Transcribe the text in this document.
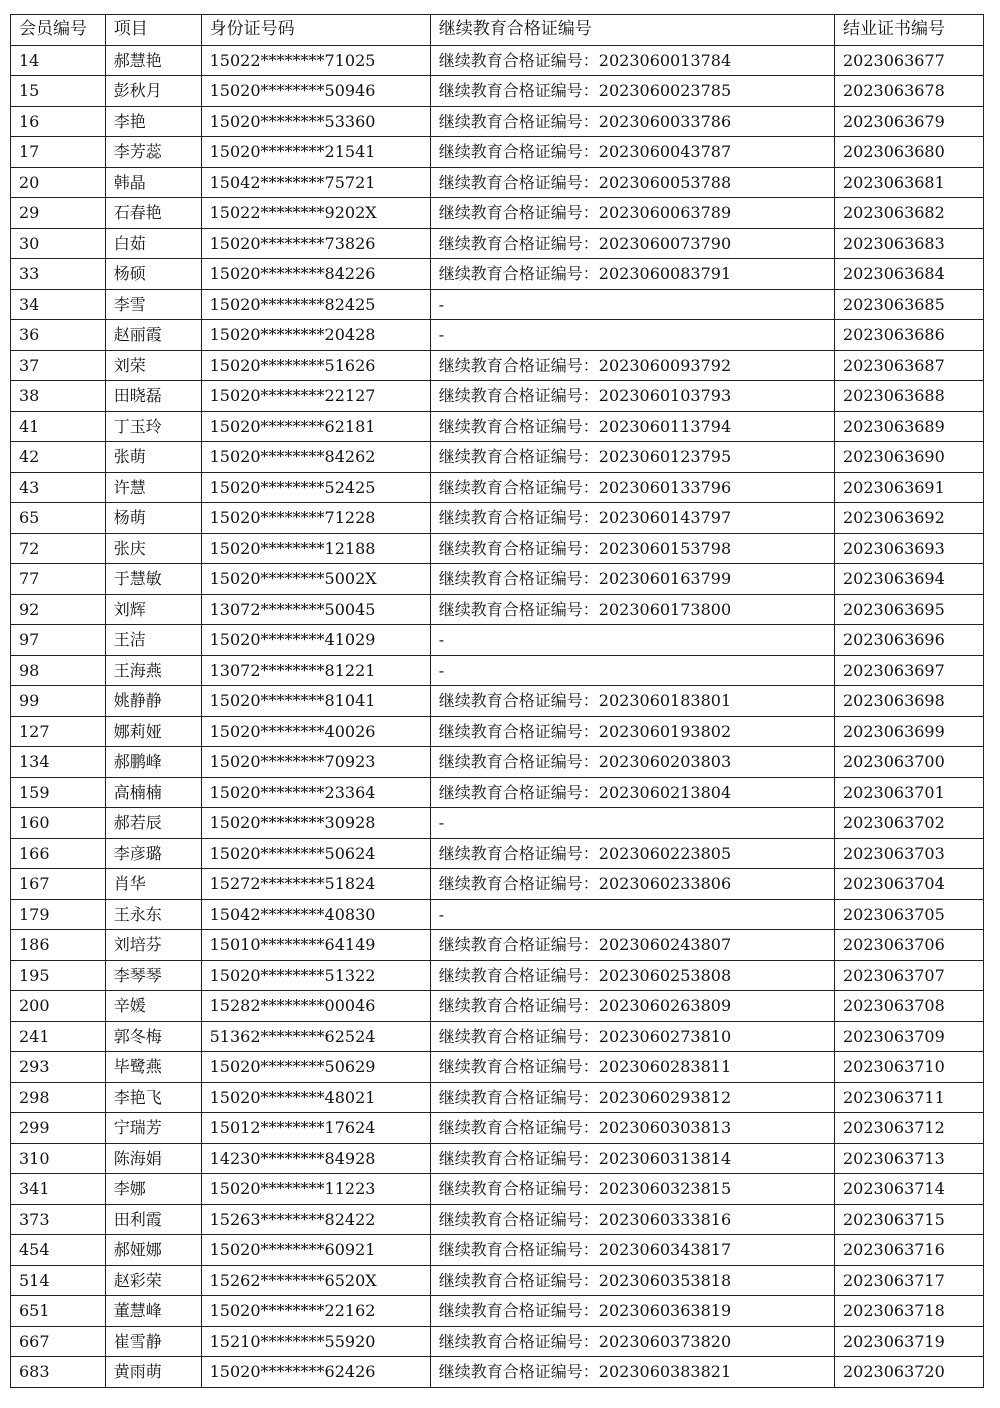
会员编号	项目	身份证号码	继续教育合格证编号	结业证书编号
14	郝慧艳	15022********71025	继续教育合格证编号：2023060013784	2023063677
15	彭秋月	15020********50946	继续教育合格证编号：2023060023785	2023063678
16	李艳	15020********53360	继续教育合格证编号：2023060033786	2023063679
17	李芳蕊	15020********21541	继续教育合格证编号：2023060043787	2023063680
20	韩晶	15042********75721	继续教育合格证编号：2023060053788	2023063681
29	石春艳	15022********9202X	继续教育合格证编号：2023060063789	2023063682
30	白茹	15020********73826	继续教育合格证编号：2023060073790	2023063683
33	杨硕	15020********84226	继续教育合格证编号：2023060083791	2023063684
34	李雪	15020********82425	-	2023063685
36	赵丽霞	15020********20428	-	2023063686
37	刘荣	15020********51626	继续教育合格证编号：2023060093792	2023063687
38	田晓磊	15020********22127	继续教育合格证编号：2023060103793	2023063688
41	丁玉玲	15020********62181	继续教育合格证编号：2023060113794	2023063689
42	张萌	15020********84262	继续教育合格证编号：2023060123795	2023063690
43	许慧	15020********52425	继续教育合格证编号：2023060133796	2023063691
65	杨萌	15020********71228	继续教育合格证编号：2023060143797	2023063692
72	张庆	15020********12188	继续教育合格证编号：2023060153798	2023063693
77	于慧敏	15020********5002X	继续教育合格证编号：2023060163799	2023063694
92	刘辉	13072********50045	继续教育合格证编号：2023060173800	2023063695
97	王洁	15020********41029	-	2023063696
98	王海燕	13072********81221	-	2023063697
99	姚静静	15020********81041	继续教育合格证编号：2023060183801	2023063698
127	娜莉娅	15020********40026	继续教育合格证编号：2023060193802	2023063699
134	郝鹏峰	15020********70923	继续教育合格证编号：2023060203803	2023063700
159	高楠楠	15020********23364	继续教育合格证编号：2023060213804	2023063701
160	郝若辰	15020********30928	-	2023063702
166	李彦璐	15020********50624	继续教育合格证编号：2023060223805	2023063703
167	肖华	15272********51824	继续教育合格证编号：2023060233806	2023063704
179	王永东	15042********40830	-	2023063705
186	刘培芬	15010********64149	继续教育合格证编号：2023060243807	2023063706
195	李琴琴	15020********51322	继续教育合格证编号：2023060253808	2023063707
200	辛媛	15282********00046	继续教育合格证编号：2023060263809	2023063708
241	郭冬梅	51362********62524	继续教育合格证编号：2023060273810	2023063709
293	毕鹭燕	15020********50629	继续教育合格证编号：2023060283811	2023063710
298	李艳飞	15020********48021	继续教育合格证编号：2023060293812	2023063711
299	宁瑞芳	15012********17624	继续教育合格证编号：2023060303813	2023063712
310	陈海娟	14230********84928	继续教育合格证编号：2023060313814	2023063713
341	李娜	15020********11223	继续教育合格证编号：2023060323815	2023063714
373	田利霞	15263********82422	继续教育合格证编号：2023060333816	2023063715
454	郝娅娜	15020********60921	继续教育合格证编号：2023060343817	2023063716
514	赵彩荣	15262********6520X	继续教育合格证编号：2023060353818	2023063717
651	董慧峰	15020********22162	继续教育合格证编号：2023060363819	2023063718
667	崔雪静	15210********55920	继续教育合格证编号：2023060373820	2023063719
683	黄雨萌	15020********62426	继续教育合格证编号：2023060383821	2023063720
